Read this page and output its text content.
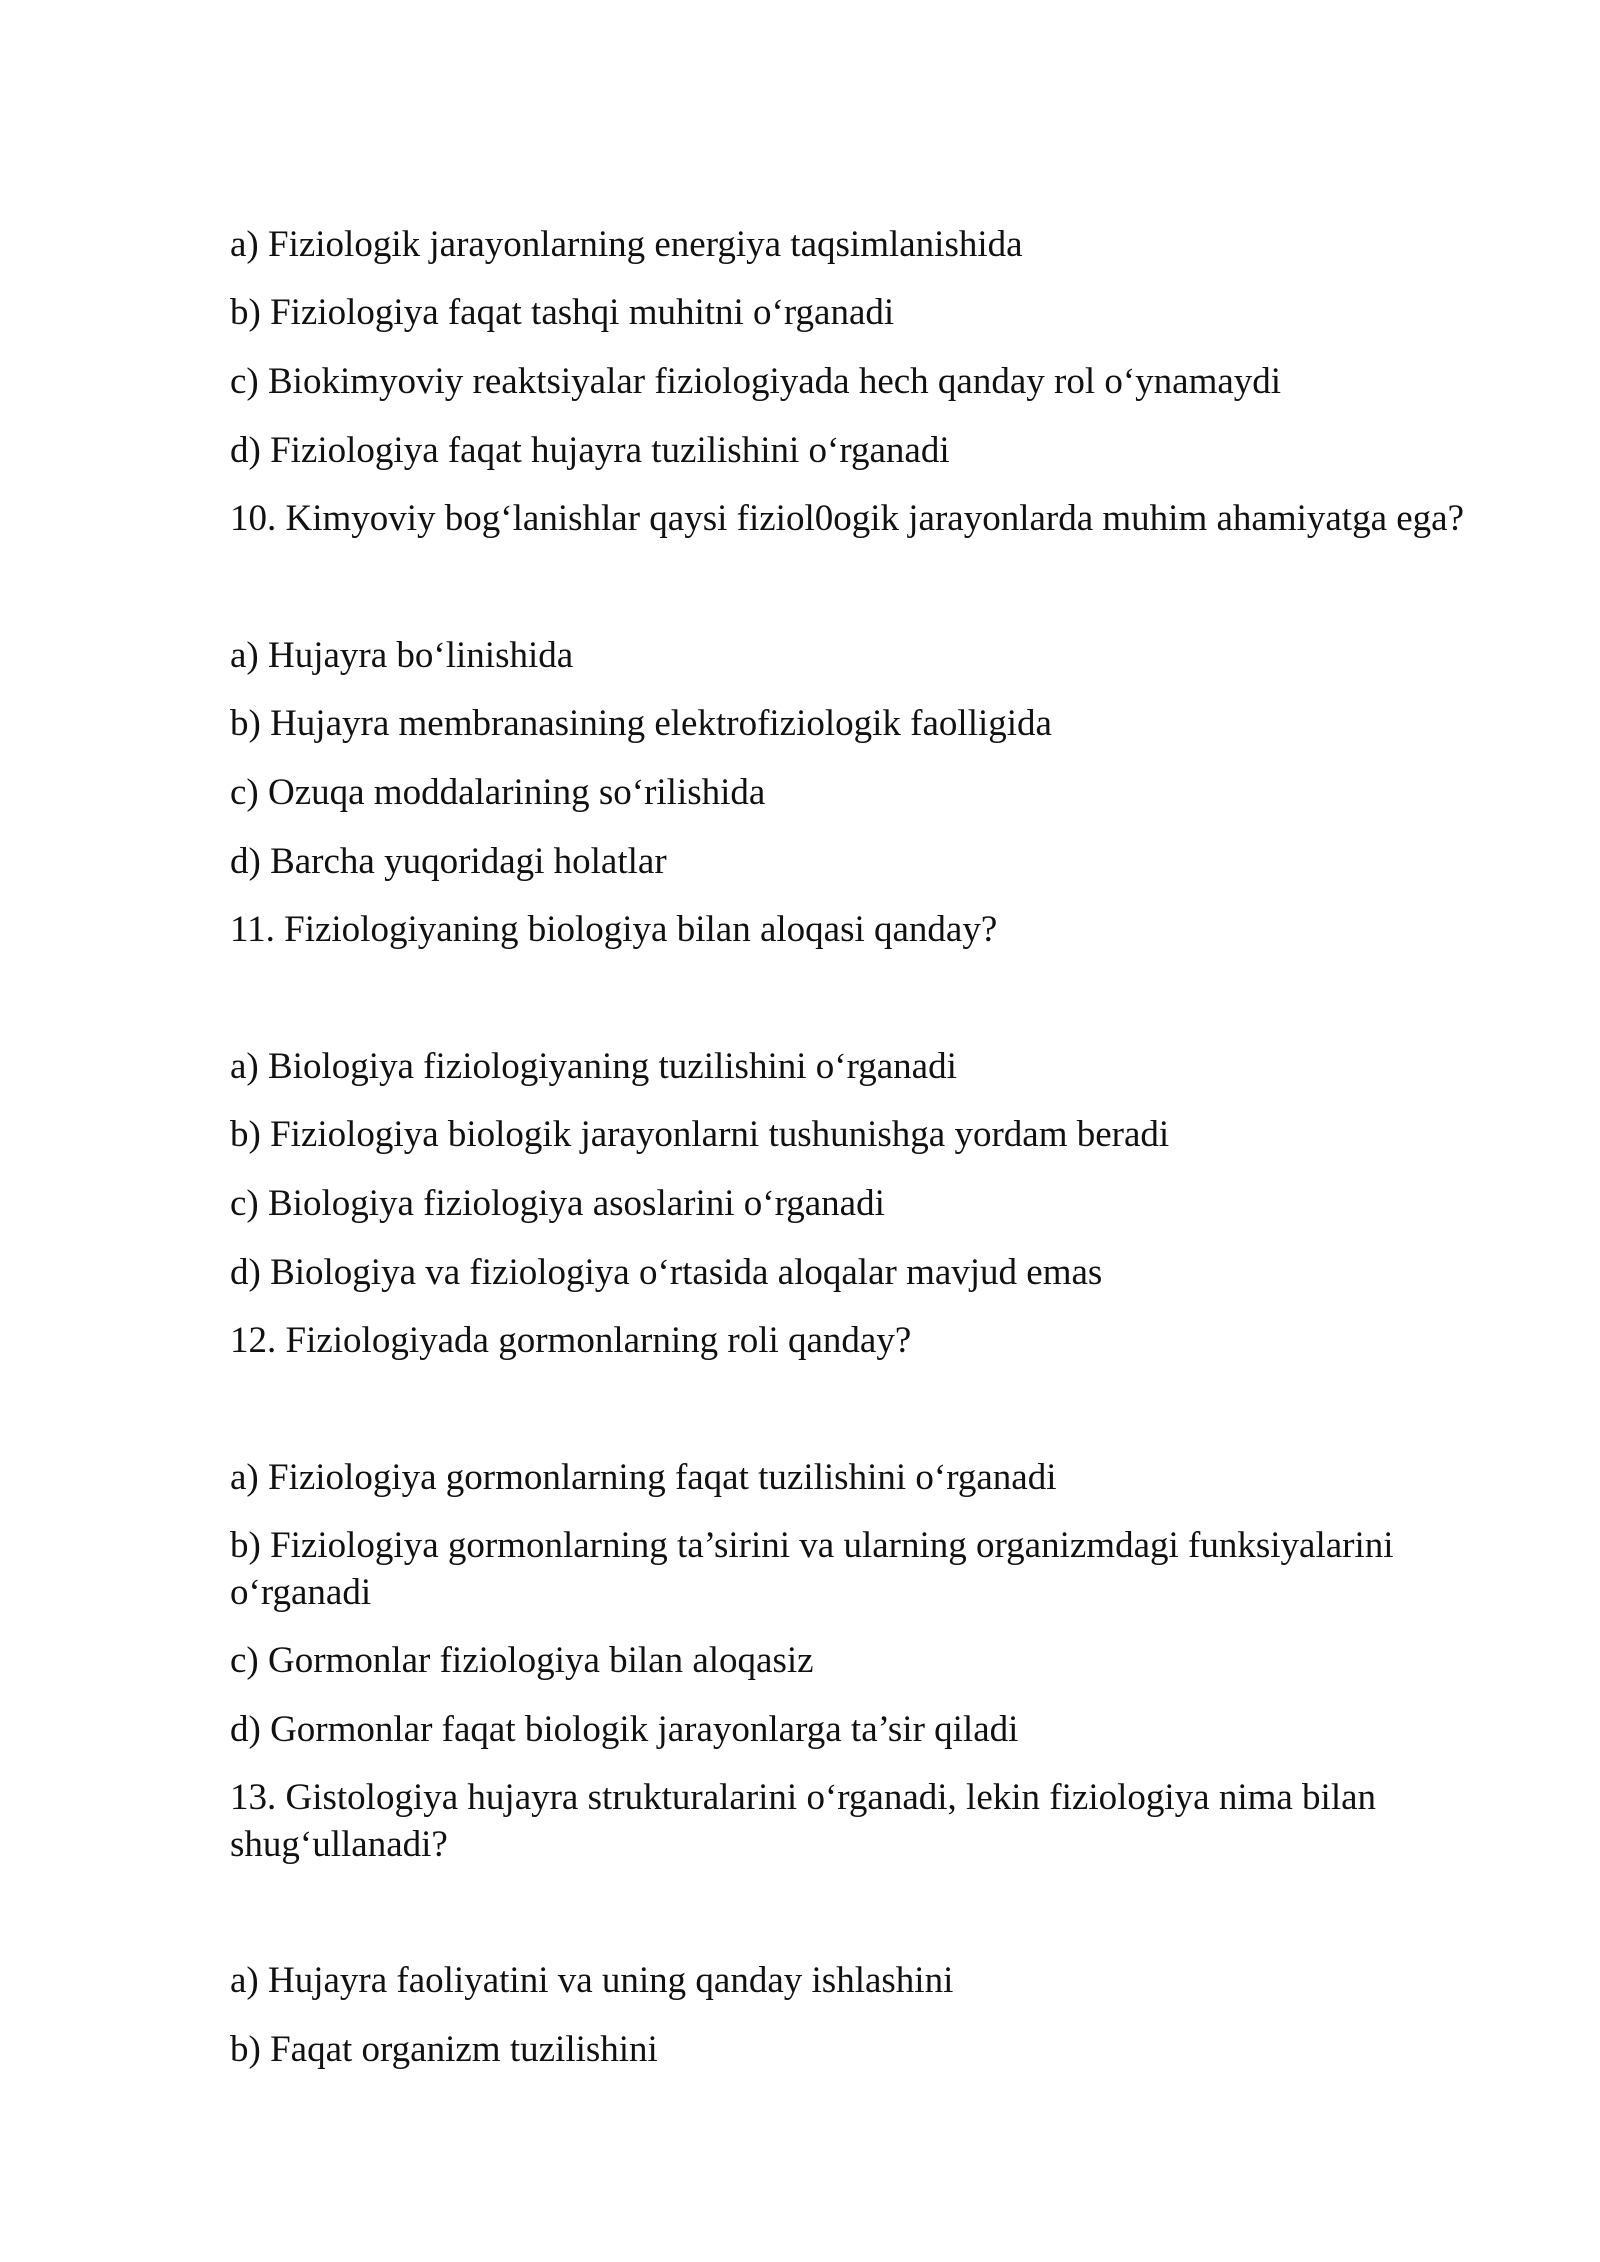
a) Fiziologik jarayonlarning energiya taqsimlanishida
b) Fiziologiya faqat tashqi muhitni o‘rganadi
c) Biokimyoviy reaktsiyalar fiziologiyada hech qanday rol o‘ynamaydi
d) Fiziologiya faqat hujayra tuzilishini o‘rganadi
10. Kimyoviy bog‘lanishlar qaysi fiziol0ogik jarayonlarda muhim ahamiyatga ega?
a) Hujayra bo‘linishida
b) Hujayra membranasining elektrofiziologik faolligida
c) Ozuqa moddalarining so‘rilishida
d) Barcha yuqoridagi holatlar
11. Fiziologiyaning biologiya bilan aloqasi qanday?
a) Biologiya fiziologiyaning tuzilishini o‘rganadi
b) Fiziologiya biologik jarayonlarni tushunishga yordam beradi
c) Biologiya fiziologiya asoslarini o‘rganadi
d) Biologiya va fiziologiya o‘rtasida aloqalar mavjud emas
12. Fiziologiyada gormonlarning roli qanday?
a) Fiziologiya gormonlarning faqat tuzilishini o‘rganadi
b) Fiziologiya gormonlarning ta’sirini va ularning organizmdagi funksiyalarini o‘rganadi
c) Gormonlar fiziologiya bilan aloqasiz
d) Gormonlar faqat biologik jarayonlarga ta’sir qiladi
13. Gistologiya hujayra strukturalarini o‘rganadi, lekin fiziologiya nima bilan shug‘ullanadi?
a) Hujayra faoliyatini va uning qanday ishlashini
b) Faqat organizm tuzilishini
